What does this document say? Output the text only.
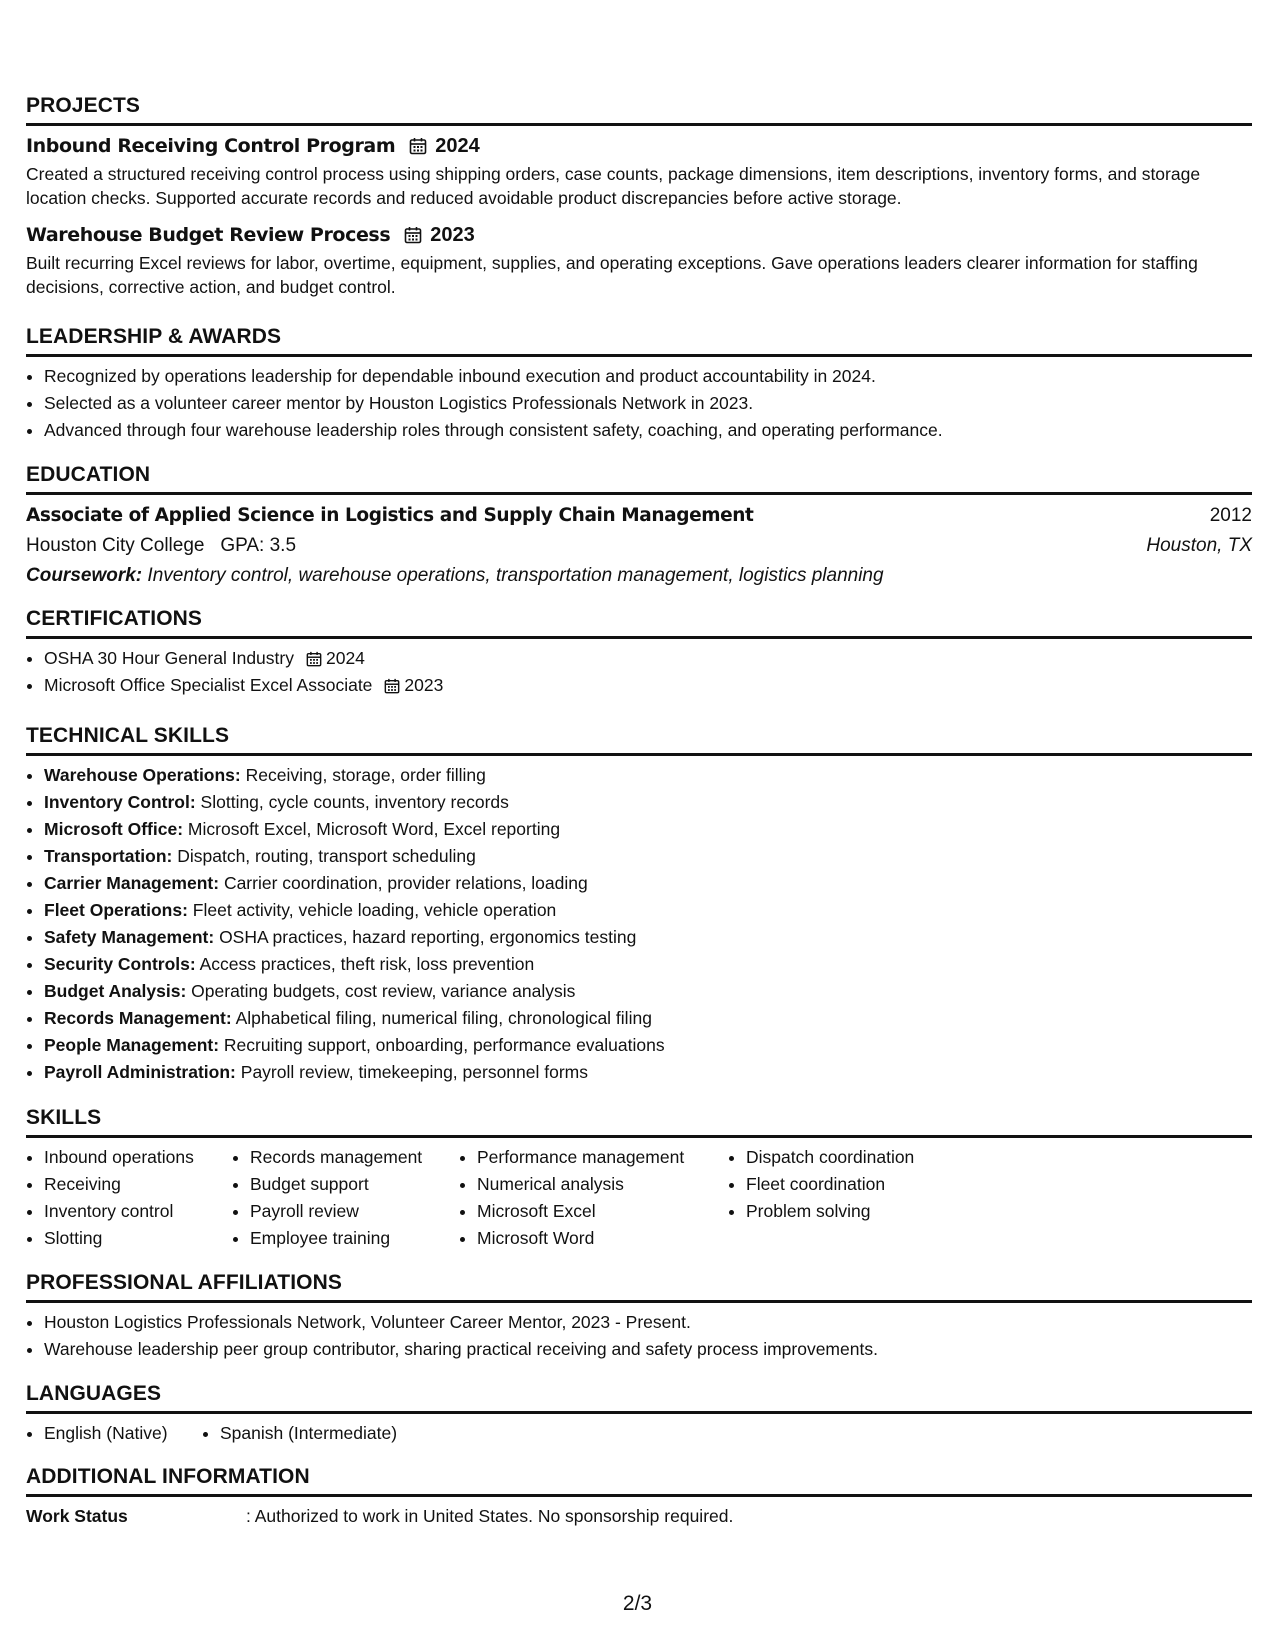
PROJECTS
Inbound Receiving Control Program 2024
Created a structured receiving control process using shipping orders, case counts, package dimensions, item descriptions, inventory forms, and storage location checks. Supported accurate records and reduced avoidable product discrepancies before active storage.
Warehouse Budget Review Process 2023
Built recurring Excel reviews for labor, overtime, equipment, supplies, and operating exceptions. Gave operations leaders clearer information for staffing decisions, corrective action, and budget control.
LEADERSHIP & AWARDS
• Recognized by operations leadership for dependable inbound execution and product accountability in 2024.
• Selected as a volunteer career mentor by Houston Logistics Professionals Network in 2023.
• Advanced through four warehouse leadership roles through consistent safety, coaching, and operating performance.
EDUCATION
Associate of Applied Science in Logistics and Supply Chain Management	2012
Houston City College GPA: 3.5	Houston, TX
Coursework: Inventory control, warehouse operations, transportation management, logistics planning
CERTIFICATIONS
• OSHA 30 Hour General Industry 2024
• Microsoft Office Specialist Excel Associate 2023
TECHNICAL SKILLS
• Warehouse Operations: Receiving, storage, order filling
• Inventory Control: Slotting, cycle counts, inventory records
• Microsoft Office: Microsoft Excel, Microsoft Word, Excel reporting
• Transportation: Dispatch, routing, transport scheduling
• Carrier Management: Carrier coordination, provider relations, loading
• Fleet Operations: Fleet activity, vehicle loading, vehicle operation
• Safety Management: OSHA practices, hazard reporting, ergonomics testing
• Security Controls: Access practices, theft risk, loss prevention
• Budget Analysis: Operating budgets, cost review, variance analysis
• Records Management: Alphabetical filing, numerical filing, chronological filing
• People Management: Recruiting support, onboarding, performance evaluations
• Payroll Administration: Payroll review, timekeeping, personnel forms
SKILLS
• Inbound operations
• Receiving
• Inventory control
• Slotting
• Records management
• Budget support
• Payroll review
• Employee training
• Performance management
• Numerical analysis
• Microsoft Excel
• Microsoft Word
• Dispatch coordination
• Fleet coordination
• Problem solving
PROFESSIONAL AFFILIATIONS
• Houston Logistics Professionals Network, Volunteer Career Mentor, 2023 - Present.
• Warehouse leadership peer group contributor, sharing practical receiving and safety process improvements.
LANGUAGES
• English (Native)
•	Spanish (Intermediate)
ADDITIONAL INFORMATION
Work Status	: Authorized to work in United States. No sponsorship required.
2/3
